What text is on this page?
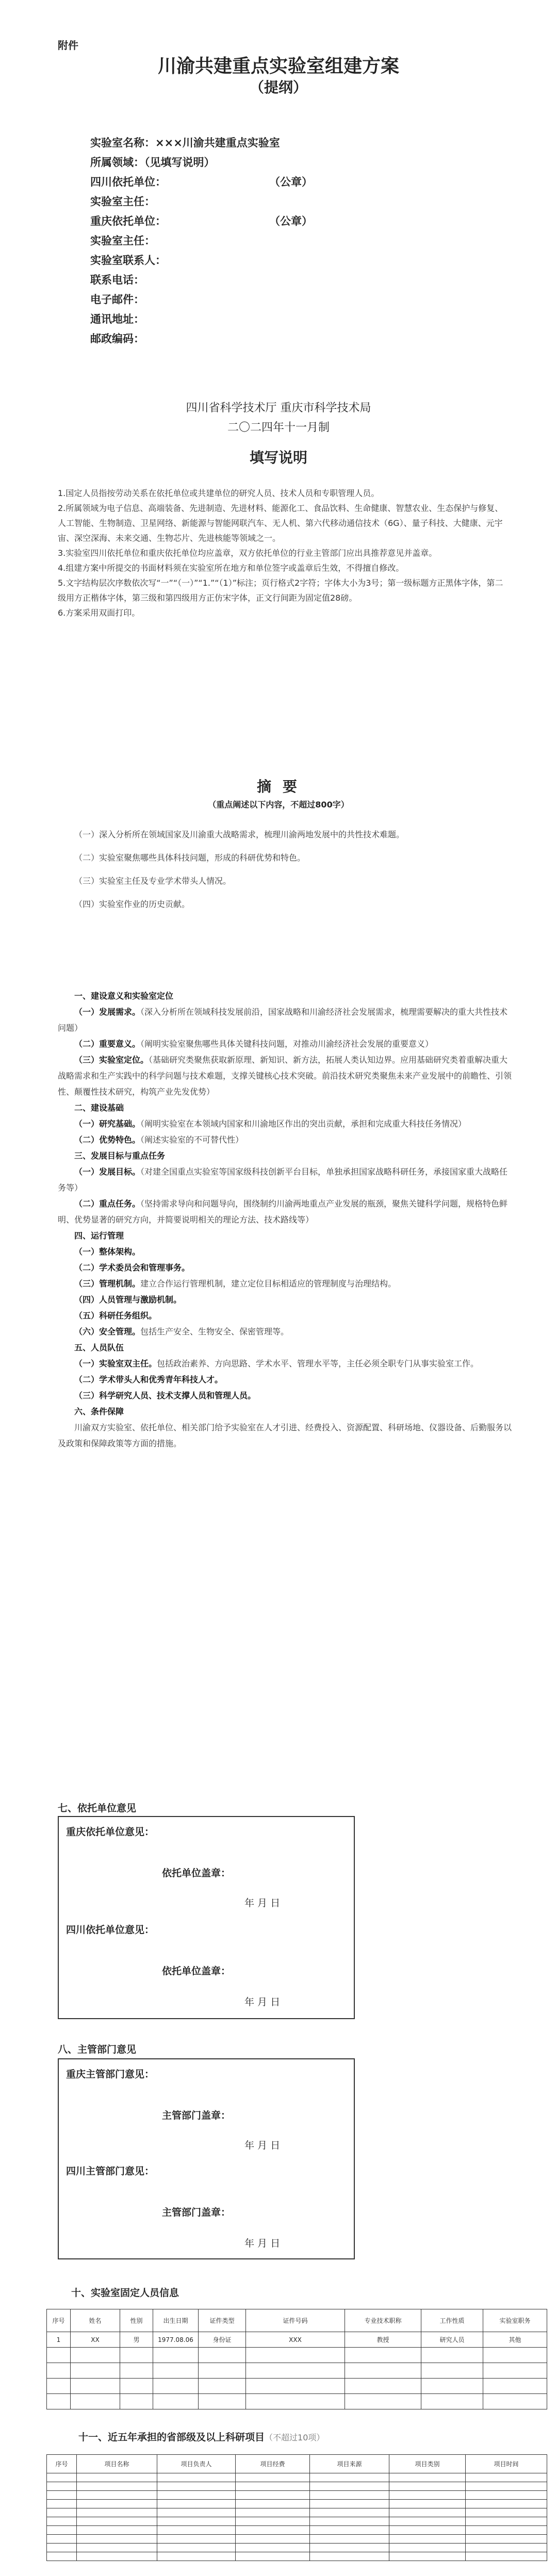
附件
川渝共建重点实验室组建方案
（提纲）
实验室名称：×××川渝共建重点实验室
所属领域：（见填写说明）
四川依托单位：	（公章）
实验室主任：
重庆依托单位：	（公章）
实验室主任：
实验室联系人：
联系电话：
电子邮件：
通讯地址：
邮政编码：
四川省科学技术厅 重庆市科学技术局
二〇二四年十一月制
填写说明

1.国定人员指按劳动关系在依托单位或共建单位的研究人员、技术人员和专职管理人员。

2.所属领域为电子信息、高端装备、先进制造、先进材料、能源化工、食品饮料、生命健康、智慧农业、生态保护与修复、人工智能、生物制造、卫星网络、新能源与智能网联汽车、无人机、第六代移动通信技术（6G）、量子科技、大健康、元宇宙、深空深海、未来交通、生物芯片、先进核能等领域之一。

3.实验室四川依托单位和重庆依托单位均应盖章，双方依托单位的行业主管部门应出具推荐意见并盖章。

4.组建方案中所提交的书面材料须在实验室所在地方和单位签字或盖章后生效，不得擅自修改。

5.文字结构层次序数依次写“一”“（一）”“1.”“（1）”标注；页行格式2字符；字体大小为3号；第一级标题方正黑体字体，第二级用方正楷体字体，第三级和第四级用方正仿宋字体，正文行间距为固定值28磅。

6.方案采用双面打印。

摘 要
（重点阐述以下内容，不超过800字）

（一）深入分析所在领域国家及川渝重大战略需求，梳理川渝两地发展中的共性技术难题。

（二）实验室聚焦哪些具体科技问题，形成的科研优势和特色。

（三）实验室主任及专业学术带头人情况。

（四）实验室作业的历史贡献。

一、建设意义和实验室定位

（一）发展需求。（深入分析所在领域科技发展前沿，国家战略和川渝经济社会发展需求，梳理需要解决的重大共性技术问题）

（二）重要意义。（阐明实验室聚焦哪些具体关键科技问题，对推动川渝经济社会发展的重要意义）

（三）实验室定位。（基础研究类聚焦获取新原理、新知识、新方法，拓展人类认知边界。应用基础研究类着重解决重大战略需求和生产实践中的科学问题与技术难题，支撑关键核心技术突破。前沿技术研究类聚焦未来产业发展中的前瞻性、引领性、颠覆性技术研究，构筑产业先发优势）

二、建设基础

（一）研究基础。（阐明实验室在本领域内国家和川渝地区作出的突出贡献，承担和完成重大科技任务情况）

（二）优势特色。（阐述实验室的不可替代性）

三、发展目标与重点任务

（一）发展目标。（对建全国重点实验室等国家级科技创新平台目标，单独承担国家战略科研任务，承接国家重大战略任务等）

（二）重点任务。（坚持需求导向和问题导向，围绕制约川渝两地重点产业发展的瓶颈，聚焦关键科学问题，规格特色鲜明、优势显著的研究方向，并简要说明相关的理论方法、技术路线等）

四、运行管理

（一）整体架构。

（二）学术委员会和管理事务。

（三）管理机制。建立合作运行管理机制，建立定位目标相适应的管理制度与治理结构。

（四）人员管理与激励机制。

（五）科研任务组织。

（六）安全管理。包括生产安全、生物安全、保密管理等。

五、人员队伍

（一）实验室双主任。包括政治素养、方向思路、学术水平、管理水平等，主任必须全职专门从事实验室工作。

（二）学术带头人和优秀青年科技人才。

（三）科学研究人员、技术支撑人员和管理人员。

六、条件保障

川渝双方实验室、依托单位、相关部门给予实验室在人才引进、经费投入、资源配置、科研场地、仪器设备、后勤服务以及政策和保障政策等方面的措施。

七、依托单位意见
重庆依托单位意见：
依托单位盖章：
年 月 日
四川依托单位意见：
依托单位盖章：
年 月 日
八、主管部门意见
重庆主管部门意见：
主管部门盖章：
年 月 日
四川主管部门意见：
主管部门盖章：
年 月 日
十、实验室固定人员信息
序号	姓名	性别	出生日期	证件类型	证件号码	专业技术职称	工作性质	实验室职务
1	XX	男	1977.08.06	身份证	XXX	教授	研究人员	其他

十一、近五年承担的省部级及以上科研项目（不超过10项）
序号	项目名称	项目负责人	项目经费	项目来源	项目类别	项目时间
